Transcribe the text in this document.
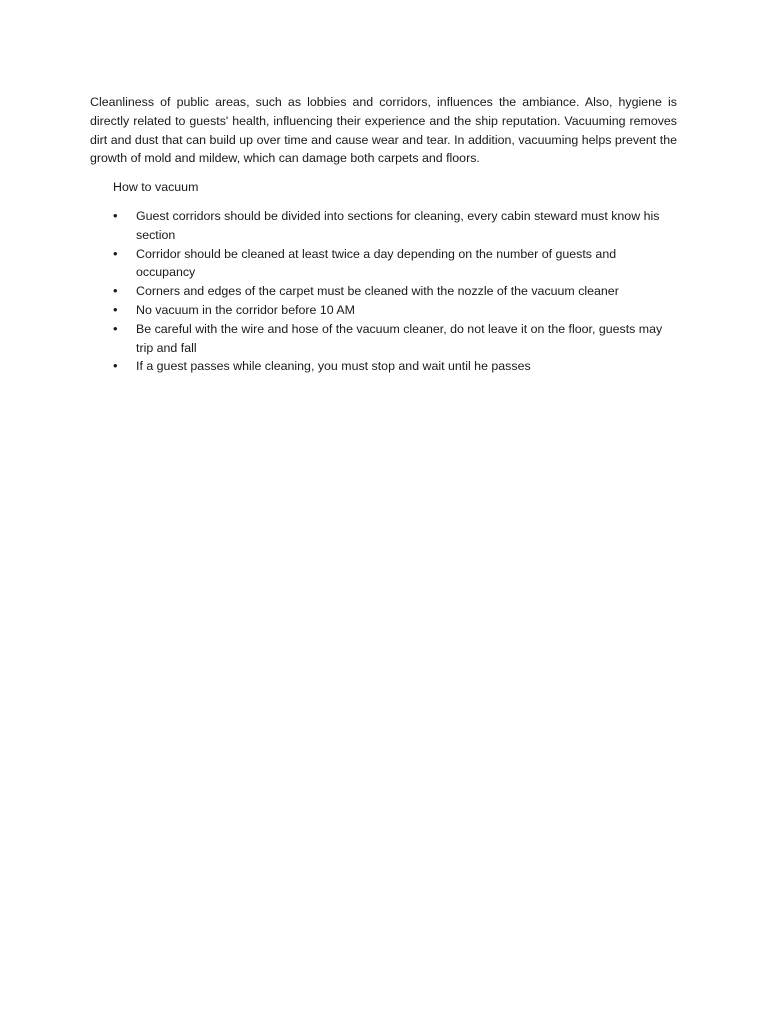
Cleanliness of public areas, such as lobbies and corridors, influences the ambiance. Also, hygiene is directly related to guests' health, influencing their experience and the ship reputation. Vacuuming removes dirt and dust that can build up over time and cause wear and tear. In addition, vacuuming helps prevent the growth of mold and mildew, which can damage both carpets and floors.

How to vacuum
• Guest corridors should be divided into sections for cleaning, every cabin steward must know his section
• Corridor should be cleaned at least twice a day depending on the number of guests and occupancy
• Corners and edges of the carpet must be cleaned with the nozzle of the vacuum cleaner
• No vacuum in the corridor before 10 AM
• Be careful with the wire and hose of the vacuum cleaner, do not leave it on the floor, guests may trip and fall
• If a guest passes while cleaning, you must stop and wait until he passes
